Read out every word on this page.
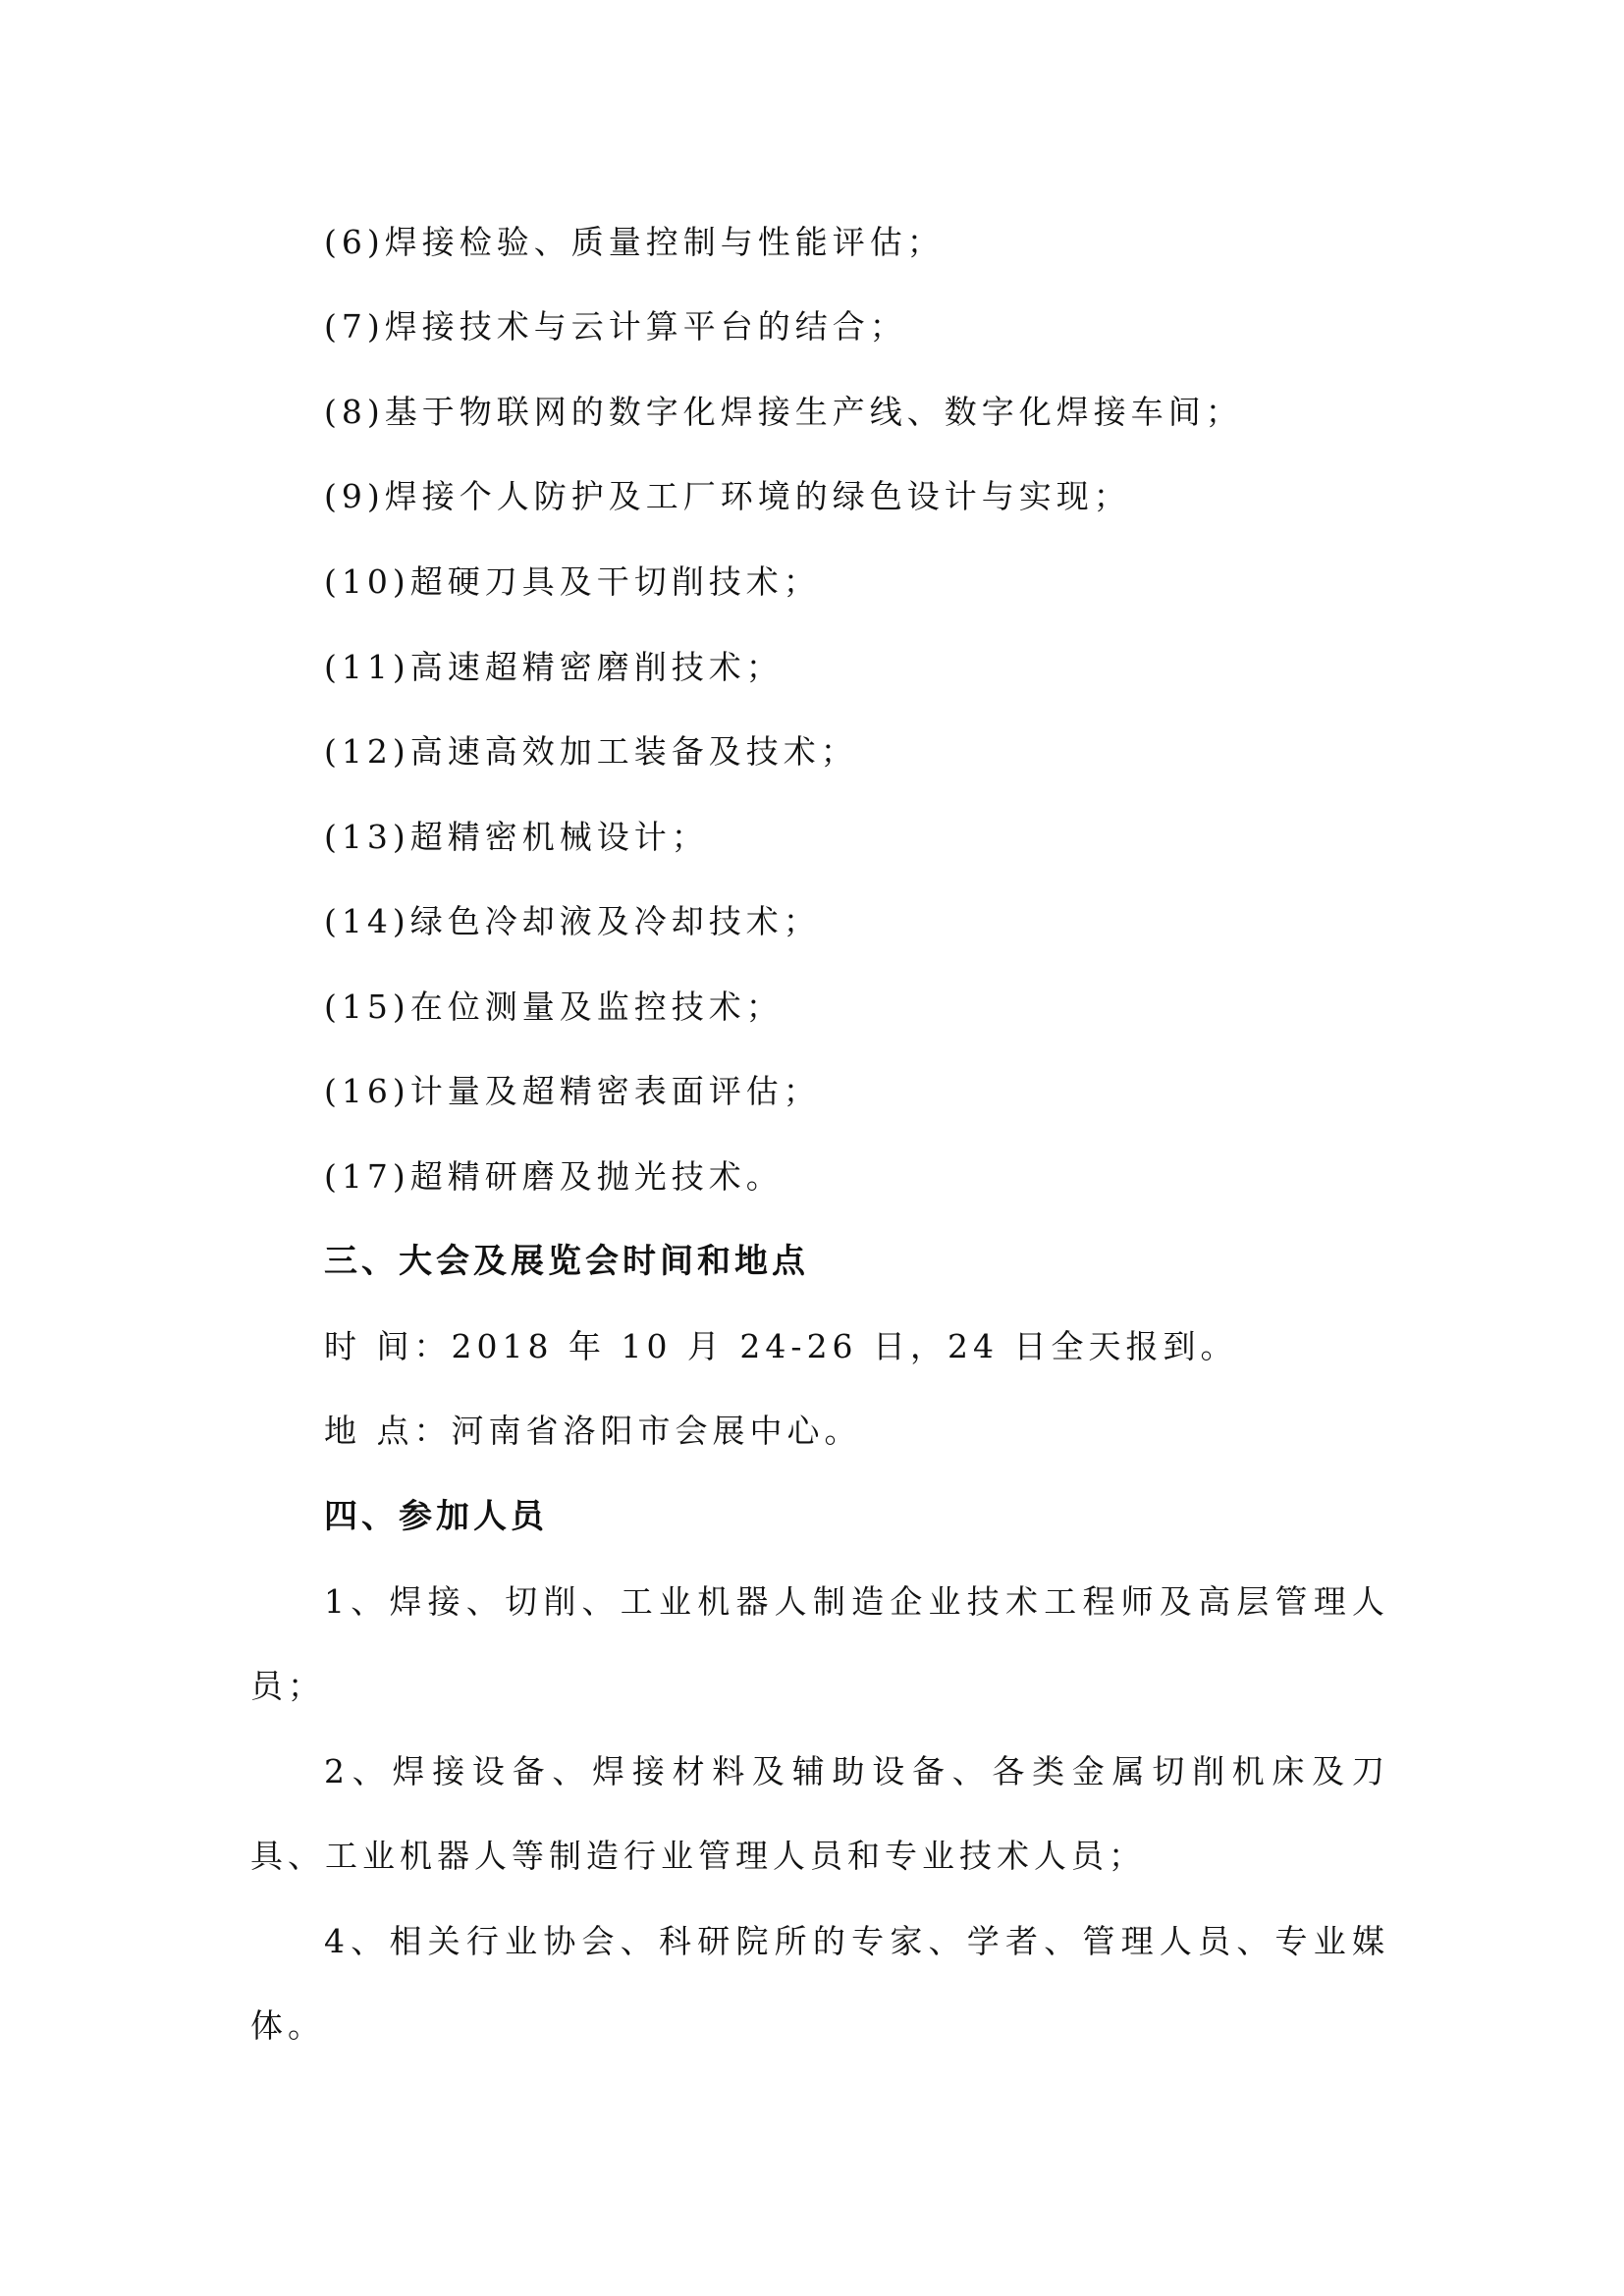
(6)焊接检验、质量控制与性能评估；
(7)焊接技术与云计算平台的结合；
(8)基于物联网的数字化焊接生产线、数字化焊接车间；
(9)焊接个人防护及工厂环境的绿色设计与实现；
(10)超硬刀具及干切削技术；
(11)高速超精密磨削技术；
(12)高速高效加工装备及技术；
(13)超精密机械设计；
(14)绿色冷却液及冷却技术；
(15)在位测量及监控技术；
(16)计量及超精密表面评估；
(17)超精研磨及抛光技术。
三、大会及展览会时间和地点
时 间：2018 年 10 月 24-26 日，24 日全天报到。
地 点：河南省洛阳市会展中心。
四、参加人员

1、焊接、切削、工业机器人制造企业技术工程师及高层管理人员；

2、焊接设备、焊接材料及辅助设备、各类金属切削机床及刀具、工业机器人等制造行业管理人员和专业技术人员；

4、相关行业协会、科研院所的专家、学者、管理人员、专业媒体。
